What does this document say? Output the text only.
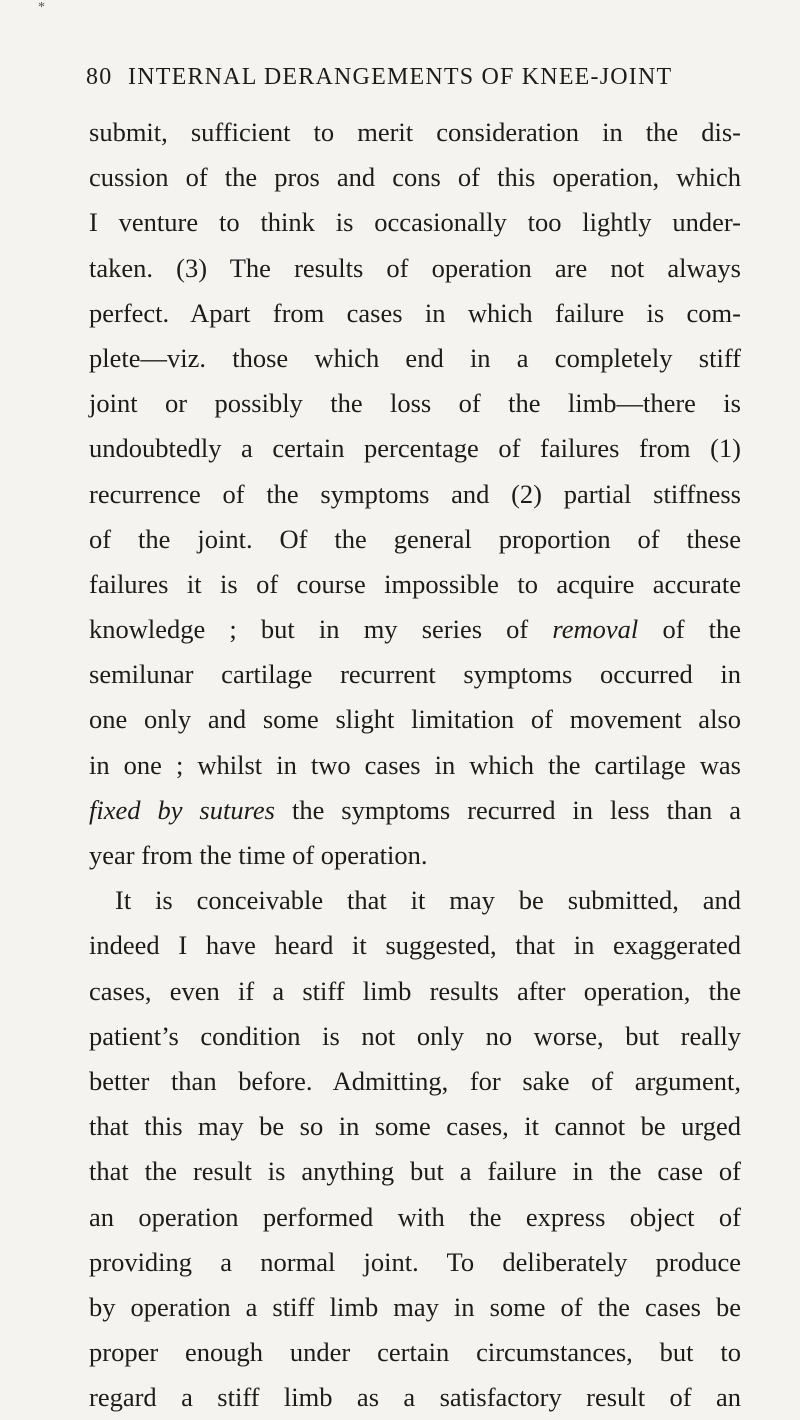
*
80 INTERNAL DERANGEMENTS OF KNEE-JOINT
submit, sufficient to merit consideration in the dis-
cussion of the pros and cons of this operation, which
I venture to think is occasionally too lightly under-
taken. (3) The results of operation are not always
perfect. Apart from cases in which failure is com-
plete—viz. those which end in a completely stiff
joint or possibly the loss of the limb—there is
undoubtedly a certain percentage of failures from (1)
recurrence of the symptoms and (2) partial stiffness
of the joint. Of the general proportion of these
failures it is of course impossible to acquire accurate
knowledge ; but in my series of removal of the
semilunar cartilage recurrent symptoms occurred in
one only and some slight limitation of movement also
in one ; whilst in two cases in which the cartilage was
fixed by sutures the symptoms recurred in less than a
year from the time of operation.
It is conceivable that it may be submitted, and
indeed I have heard it suggested, that in exaggerated
cases, even if a stiff limb results after operation, the
patient’s condition is not only no worse, but really
better than before. Admitting, for sake of argument,
that this may be so in some cases, it cannot be urged
that the result is anything but a failure in the case of
an operation performed with the express object of
providing a normal joint. To deliberately produce
by operation a stiff limb may in some of the cases be
proper enough under certain circumstances, but to
regard a stiff limb as a satisfactory result of an
